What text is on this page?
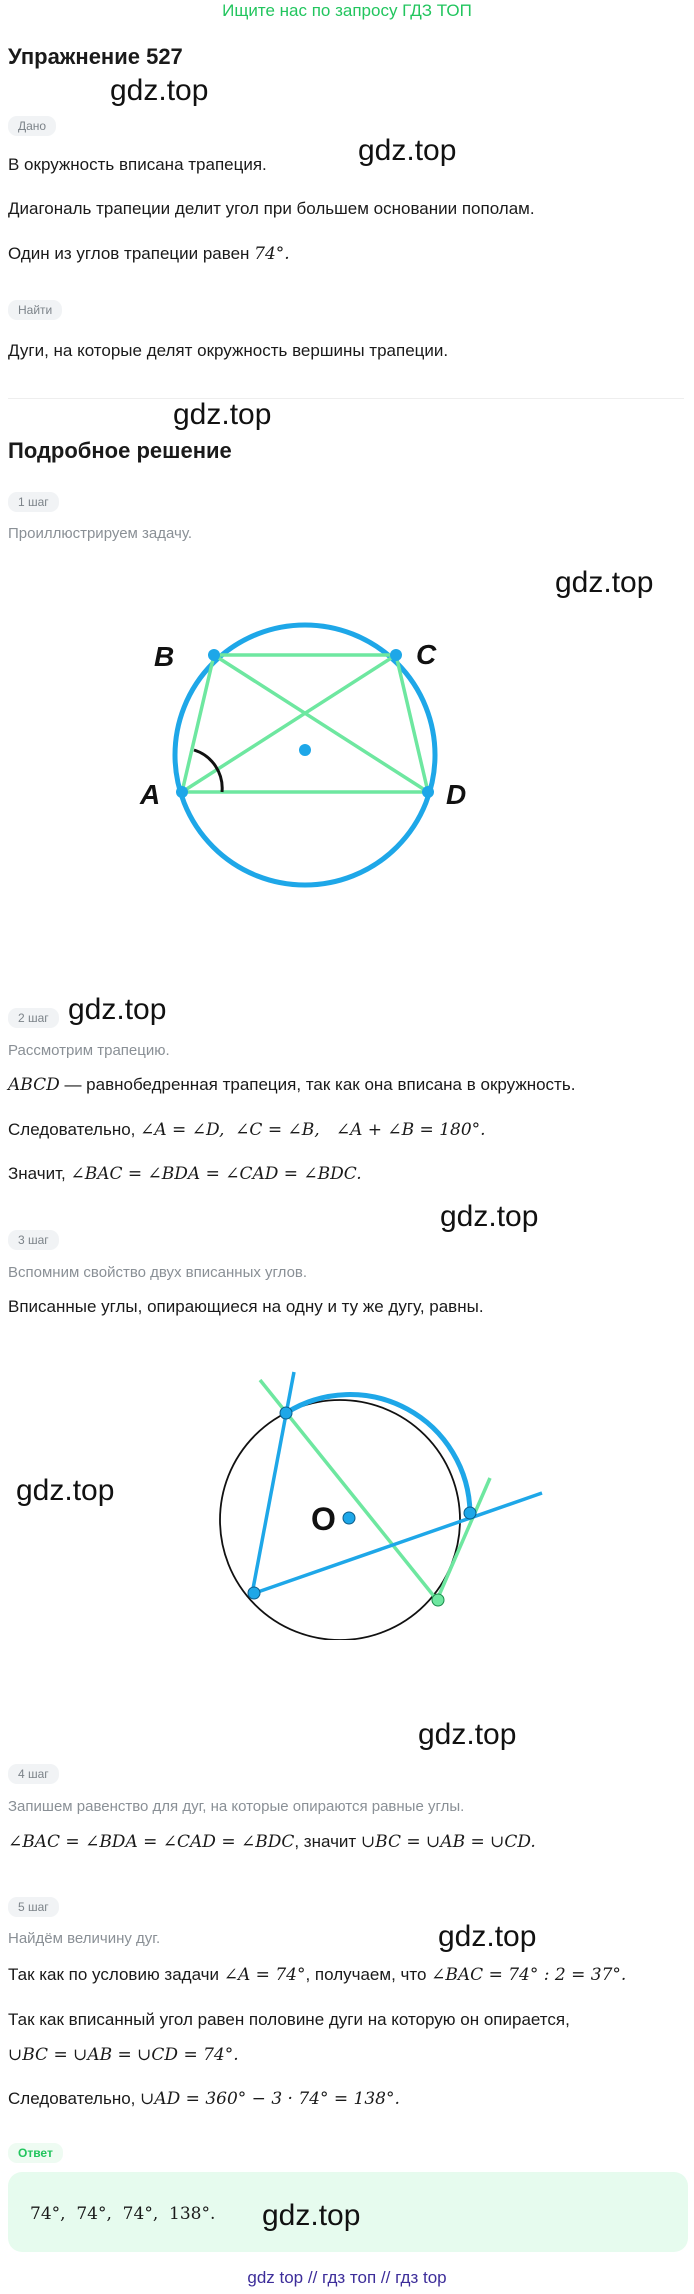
Ищите нас по запросу ГДЗ ТОП
Упражнение 527
Дано
В окружность вписана трапеция.
Диагональ трапеции делит угол при большем основании пополам.
Один из углов трапеции равен 74°.
Найти
Дуги, на которые делят окружность вершины трапеции.
Подробное решение
1 шаг
Проиллюстрируем задачу.
A
B	C
D
2 шаг
Рассмотрим трапецию.
ABCD — равнобедренная трапеция, так как она вписана в окружность.
Следовательно, ∠A = ∠D,  ∠C = ∠B,   ∠A + ∠B = 180°.
Значит, ∠BAC = ∠BDA = ∠CAD = ∠BDC.
3 шаг
Вспомним свойство двух вписанных углов.
Вписанные углы, опирающиеся на одну и ту же дугу, равны.
O
4 шаг
Запишем равенство для дуг, на которые опираются равные углы.
∠BAC = ∠BDA = ∠CAD = ∠BDC, значит ∪BC = ∪AB = ∪CD.
5 шаг
Найдём величину дуг.
Так как по условию задачи ∠A = 74°, получаем, что ∠BAC = 74° : 2 = 37°.
Так как вписанный угол равен половине дуги на которую он опирается,
∪BC = ∪AB = ∪CD = 74°.
Следовательно, ∪AD = 360° − 3 · 74° = 138°.
Ответ
74°,  74°,  74°,  138°.
gdz.top
gdz.top
gdz.top
gdz.top
gdz.top
gdz.top
gdz.top
gdz.top
gdz.top
gdz.top
gdz top // гдз топ // гдз top
